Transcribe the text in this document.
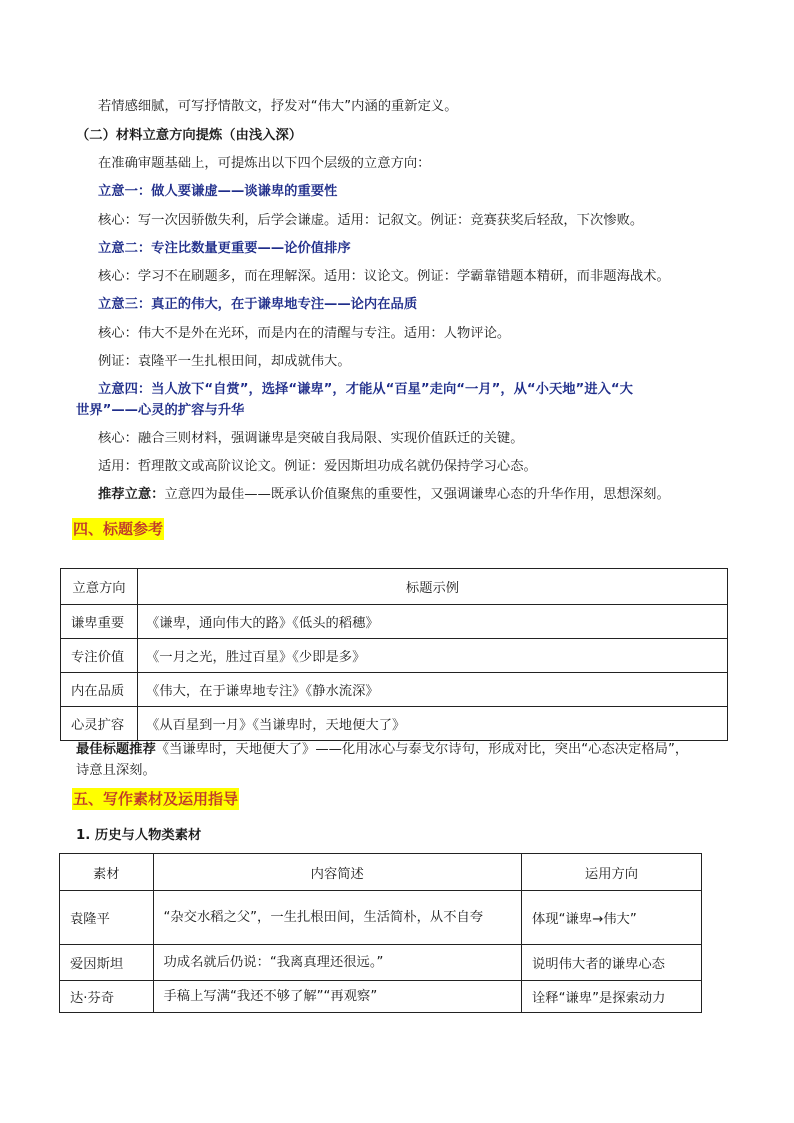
若情感细腻，可写抒情散文，抒发对“伟大”内涵的重新定义。
（二）材料立意方向提炼（由浅入深）
在准确审题基础上，可提炼出以下四个层级的立意方向：
立意一：做人要谦虚——谈谦卑的重要性
核心：写一次因骄傲失利，后学会谦虚。适用：记叙文。例证：竞赛获奖后轻敌，下次惨败。
立意二：专注比数量更重要——论价值排序
核心：学习不在刷题多，而在理解深。适用：议论文。例证：学霸靠错题本精研，而非题海战术。
立意三：真正的伟大，在于谦卑地专注——论内在品质
核心：伟大不是外在光环，而是内在的清醒与专注。适用：人物评论。
例证：袁隆平一生扎根田间，却成就伟大。
立意四：当人放下“自赏”，选择“谦卑”，才能从“百星”走向“一月”，从“小天地”进入“大
世界”——心灵的扩容与升华
核心：融合三则材料，强调谦卑是突破自我局限、实现价值跃迁的关键。
适用：哲理散文或高阶议论文。例证：爱因斯坦功成名就仍保持学习心态。
推荐立意：立意四为最佳——既承认价值聚焦的重要性，又强调谦卑心态的升华作用，思想深刻。
四、标题参考
立意方向	标题示例
谦卑重要	《谦卑，通向伟大的路》《低头的稻穗》
专注价值	《一月之光，胜过百星》《少即是多》
内在品质	《伟大，在于谦卑地专注》《静水流深》
心灵扩容	《从百星到一月》《当谦卑时，天地便大了》
最佳标题推荐《当谦卑时，天地便大了》——化用冰心与泰戈尔诗句，形成对比，突出“心态决定格局”，
诗意且深刻。
五、写作素材及运用指导
1. 历史与人物类素材
素材	内容简述	运用方向
袁隆平	“杂交水稻之父”，一生扎根田间，生活简朴，从不自夸	体现“谦卑→伟大”
爱因斯坦	功成名就后仍说：“我离真理还很远。”	说明伟大者的谦卑心态
达·芬奇	手稿上写满“我还不够了解”“再观察”	诠释“谦卑”是探索动力
